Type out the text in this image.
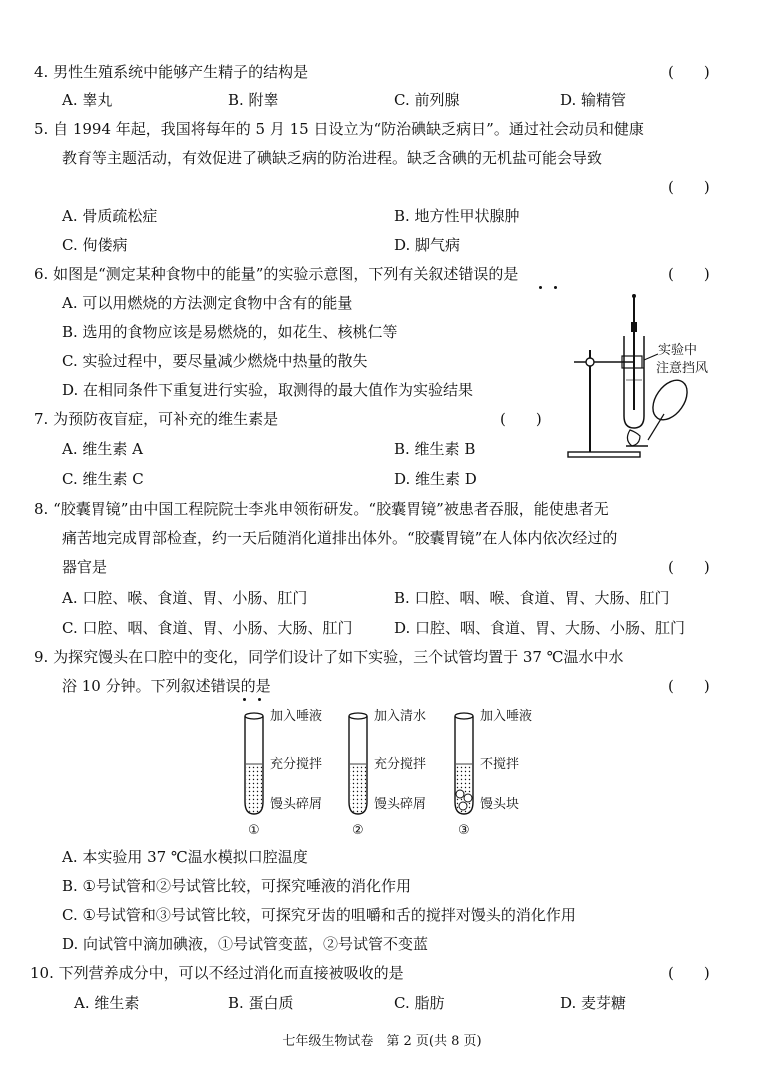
4. 男性生殖系统中能够产生精子的结构是	(　　)
A. 睾丸	B. 附睾	C. 前列腺	D. 输精管
5. 自 1994 年起，我国将每年的 5 月 15 日设立为“防治碘缺乏病日”。通过社会动员和健康
教育等主题活动，有效促进了碘缺乏病的防治进程。缺乏含碘的无机盐可能会导致
(　　)
A. 骨质疏松症	B. 地方性甲状腺肿
C. 佝偻病	D. 脚气病
6. 如图是“测定某种食物中的能量”的实验示意图，下列有关叙述错误的是	(　　)
A. 可以用燃烧的方法测定食物中含有的能量
B. 选用的食物应该是易燃烧的，如花生、核桃仁等
C. 实验过程中，要尽量减少燃烧中热量的散失
D. 在相同条件下重复进行实验，取测得的最大值作为实验结果
实验中
注意挡风
7. 为预防夜盲症，可补充的维生素是	(　　)
A. 维生素 A	B. 维生素 B
C. 维生素 C	D. 维生素 D
8. “胶囊胃镜”由中国工程院院士李兆申领衔研发。“胶囊胃镜”被患者吞服，能使患者无
痛苦地完成胃部检查，约一天后随消化道排出体外。“胶囊胃镜”在人体内依次经过的
器官是	(　　)
A. 口腔、喉、食道、胃、小肠、肛门	B. 口腔、咽、喉、食道、胃、大肠、肛门
C. 口腔、咽、食道、胃、小肠、大肠、肛门	D. 口腔、咽、食道、胃、大肠、小肠、肛门
9. 为探究馒头在口腔中的变化，同学们设计了如下实验，三个试管均置于 37 ℃温水中水
浴 10 分钟。下列叙述错误的是	(　　)
加入唾液
充分搅拌
馒头碎屑
①
加入清水
充分搅拌
馒头碎屑
②
加入唾液
不搅拌
馒头块
③
A. 本实验用 37 ℃温水模拟口腔温度
B. ①号试管和②号试管比较，可探究唾液的消化作用
C. ①号试管和③号试管比较，可探究牙齿的咀嚼和舌的搅拌对馒头的消化作用
D. 向试管中滴加碘液，①号试管变蓝，②号试管不变蓝
10. 下列营养成分中，可以不经过消化而直接被吸收的是	(　　)
A. 维生素	B. 蛋白质	C. 脂肪	D. 麦芽糖
七年级生物试卷　第 2 页(共 8 页)
